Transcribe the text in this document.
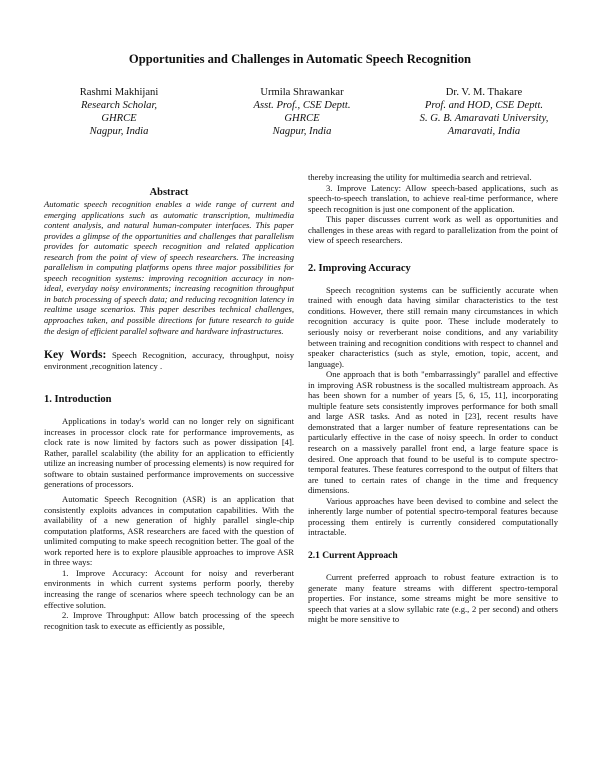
Opportunities and Challenges in Automatic Speech Recognition
Rashmi Makhijani
Research Scholar,
GHRCE
Nagpur, India
Urmila Shrawankar
Asst. Prof., CSE Deptt.
GHRCE
Nagpur, India
Dr. V. M. Thakare
Prof. and HOD, CSE Deptt.
S. G. B. Amaravati University,
Amaravati, India
Abstract

Automatic speech recognition enables a wide range of current and emerging applications such as automatic transcription, multimedia content analysis, and natural human-computer interfaces. This paper provides a glimpse of the opportunities and challenges that parallelism provides for automatic speech recognition and related application research from the point of view of speech researchers. The increasing parallelism in computing platforms opens three major possibilities for speech recognition systems: improving recognition accuracy in non-ideal, everyday noisy environments; increasing recognition throughput in batch processing of speech data; and reducing recognition latency in realtime usage scenarios. This paper describes technical challenges, approaches taken, and possible directions for future research to guide the design of efficient parallel software and hardware infrastructures.

Key Words: Speech Recognition, accuracy, throughput, noisy environment ,recognition latency .

1. Introduction

Applications in today's world can no longer rely on significant increases in processor clock rate for performance improvements, as clock rate is now limited by factors such as power dissipation [4]. Rather, parallel scalability (the ability for an application to efficiently utilize an increasing number of processing elements) is now required for software to obtain sustained performance improvements on successive generations of processors.

Automatic Speech Recognition (ASR) is an application that consistently exploits advances in computation capabilities. With the availability of a new generation of highly parallel single-chip computation platforms, ASR researchers are faced with the question of unlimited computing to make speech recognition better. The goal of the work reported here is to explore plausible approaches to improve ASR in three ways:

1. Improve Accuracy: Account for noisy and reverberant environments in which current systems perform poorly, thereby increasing the range of scenarios where speech technology can be an effective solution.

2. Improve Throughput: Allow batch processing of the speech recognition task to execute as efficiently as possible,

thereby increasing the utility for multimedia search and retrieval.

3. Improve Latency: Allow speech-based applications, such as speech-to-speech translation, to achieve real-time performance, where speech recognition is just one component of the application.

This paper discusses current work as well as opportunities and challenges in these areas with regard to parallelization from the point of view of speech researchers.

2. Improving Accuracy

Speech recognition systems can be sufficiently accurate when trained with enough data having similar characteristics to the test conditions. However, there still remain many circumstances in which recognition accuracy is quite poor. These include moderately to seriously noisy or reverberant noise conditions, and any variability between training and recognition conditions with respect to channel and speaker characteristics (such as style, emotion, topic, accent, and language).

One approach that is both "embarrassingly" parallel and effective in improving ASR robustness is the socalled multistream approach. As has been shown for a number of years [5, 6, 15, 11], incorporating multiple feature sets consistently improves performance for both small and large ASR tasks. And as noted in [23], recent results have demonstrated that a larger number of feature representations can be particularly effective in the case of noisy speech. In order to conduct research on a massively parallel front end, a large feature space is desired. One approach that found to be useful is to compute spectro-temporal features. These features correspond to the output of filters that are tuned to certain rates of change in the time and frequency dimensions.

Various approaches have been devised to combine and select the inherently large number of potential spectro-temporal features because processing them entirely is currently considered computationally intractable.

2.1 Current Approach

Current preferred approach to robust feature extraction is to generate many feature streams with different spectro-temporal properties. For instance, some streams might be more sensitive to speech that varies at a slow syllabic rate (e.g., 2 per second) and others might be more sensitive to
